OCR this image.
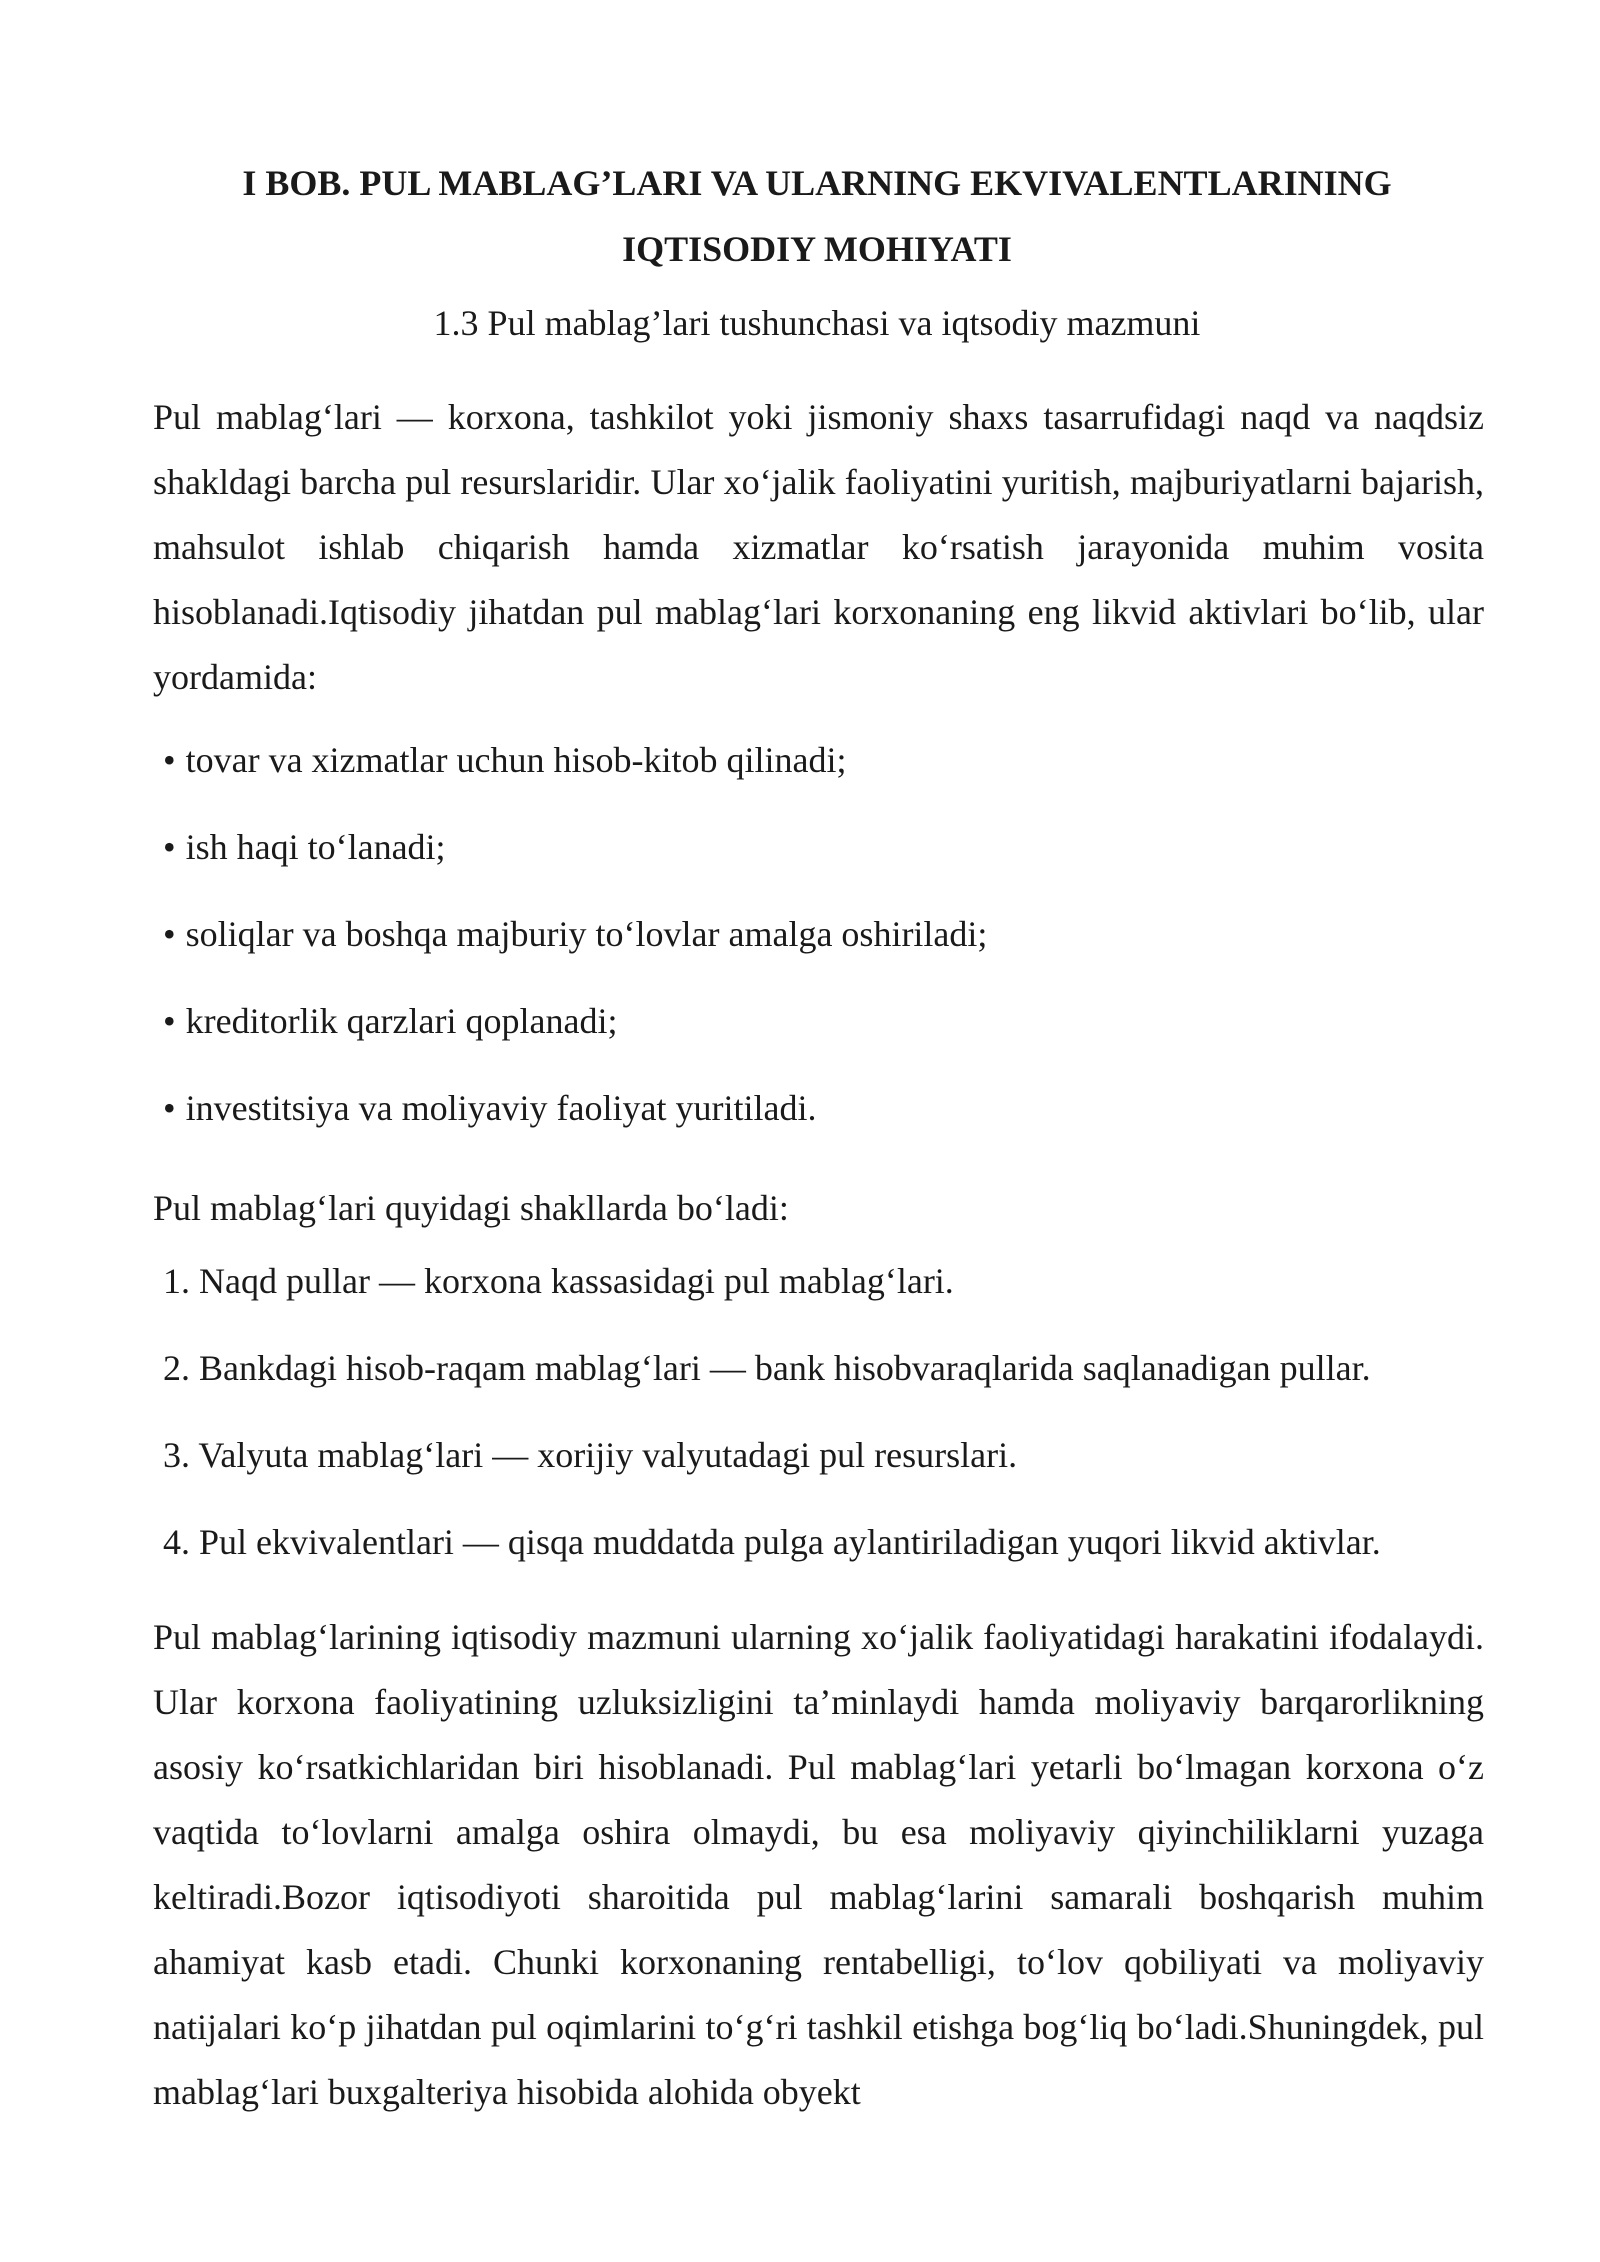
I BOB. PUL MABLAG’LARI VA ULARNING EKVIVALENTLARINING IQTISODIY MOHIYATI
1.3 Pul mablag’lari tushunchasi va iqtsodiy mazmuni
Pul mablag‘lari — korxona, tashkilot yoki jismoniy shaxs tasarrufidagi naqd va naqdsiz shakldagi barcha pul resurslaridir. Ular xo‘jalik faoliyatini yuritish, majburiyatlarni bajarish, mahsulot ishlab chiqarish hamda xizmatlar ko‘rsatish jarayonida muhim vosita hisoblanadi.Iqtisodiy jihatdan pul mablag‘lari korxonaning eng likvid aktivlari bo‘lib, ular yordamida:
• tovar va xizmatlar uchun hisob-kitob qilinadi;
• ish haqi to‘lanadi;
• soliqlar va boshqa majburiy to‘lovlar amalga oshiriladi;
• kreditorlik qarzlari qoplanadi;
• investitsiya va moliyaviy faoliyat yuritiladi.
Pul mablag‘lari quyidagi shakllarda bo‘ladi:
1. Naqd pullar — korxona kassasidagi pul mablag‘lari.
2. Bankdagi hisob-raqam mablag‘lari — bank hisobvaraqlarida saqlanadigan pullar.
3. Valyuta mablag‘lari — xorijiy valyutadagi pul resurslari.
4. Pul ekvivalentlari — qisqa muddatda pulga aylantiriladigan yuqori likvid aktivlar.
Pul mablag‘larining iqtisodiy mazmuni ularning xo‘jalik faoliyatidagi harakatini ifodalaydi. Ular korxona faoliyatining uzluksizligini ta’minlaydi hamda moliyaviy barqarorlikning asosiy ko‘rsatkichlaridan biri hisoblanadi. Pul mablag‘lari yetarli bo‘lmagan korxona o‘z vaqtida to‘lovlarni amalga oshira olmaydi, bu esa moliyaviy qiyinchiliklarni yuzaga keltiradi.Bozor iqtisodiyoti sharoitida pul mablag‘larini samarali boshqarish muhim ahamiyat kasb etadi. Chunki korxonaning rentabelligi, to‘lov qobiliyati va moliyaviy natijalari ko‘p jihatdan pul oqimlarini to‘g‘ri tashkil etishga bog‘liq bo‘ladi.Shuningdek, pul mablag‘lari buxgalteriya hisobida alohida obyekt
